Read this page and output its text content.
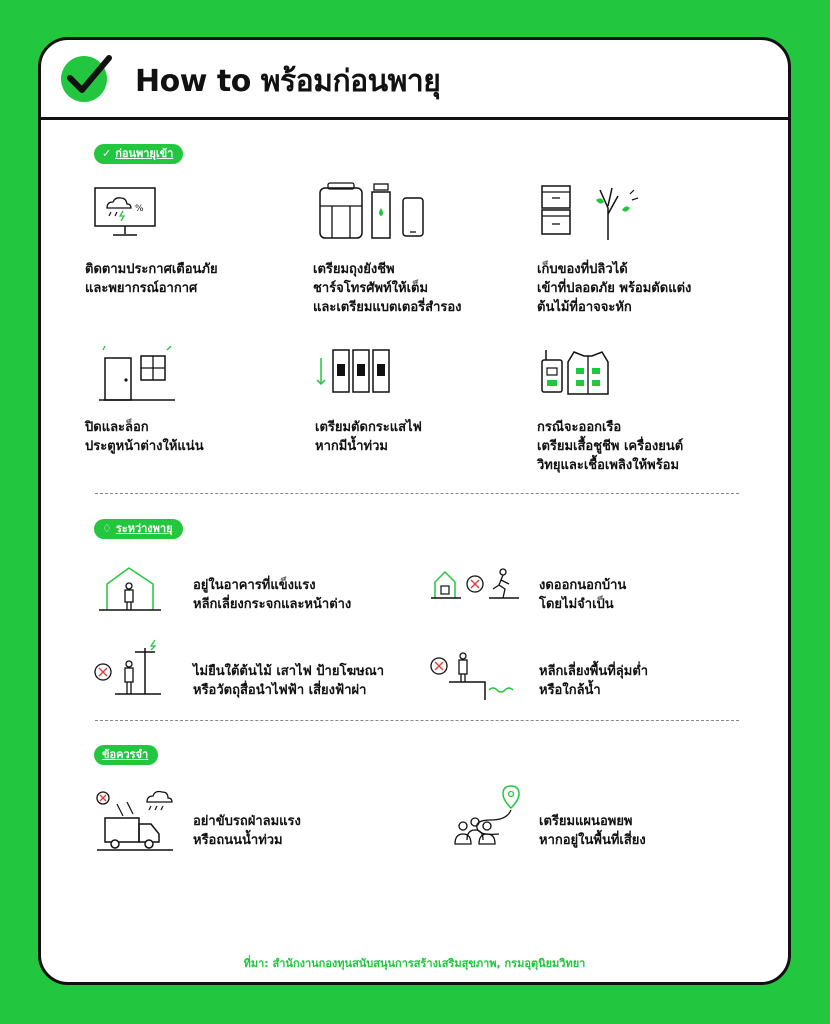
How to พร้อมก่อนพายุ
✓ ก่อนพายุเข้า
%
ติดตามประกาศเตือนภัย
และพยากรณ์อากาศ
เตรียมถุงยังชีพ
ชาร์จโทรศัพท์ให้เต็ม
และเตรียมแบตเตอรี่สำรอง
เก็บของที่ปลิวได้
เข้าที่ปลอดภัย พร้อมตัดแต่ง
ต้นไม้ที่อาจจะหัก
ปิดและล็อก
ประตูหน้าต่างให้แน่น
เตรียมตัดกระแสไฟ
หากมีน้ำท่วม
กรณีจะออกเรือ
เตรียมเสื้อชูชีพ เครื่องยนต์
วิทยุและเชื้อเพลิงให้พร้อม
♢ ระหว่างพายุ
อยู่ในอาคารที่แข็งแรง
หลีกเลี่ยงกระจกและหน้าต่าง
งดออกนอกบ้าน
โดยไม่จำเป็น
ไม่ยืนใต้ต้นไม้ เสาไฟ ป้ายโฆษณา
หรือวัตถุสื่อนำไฟฟ้า เสี่ยงฟ้าผ่า
หลีกเลี่ยงพื้นที่ลุ่มต่ำ
หรือใกล้น้ำ
ข้อควรจำ
อย่าขับรถฝ่าลมแรง
หรือถนนน้ำท่วม
เตรียมแผนอพยพ
หากอยู่ในพื้นที่เสี่ยง
ที่มา: สำนักงานกองทุนสนับสนุนการสร้างเสริมสุขภาพ, กรมอุตุนิยมวิทยา
